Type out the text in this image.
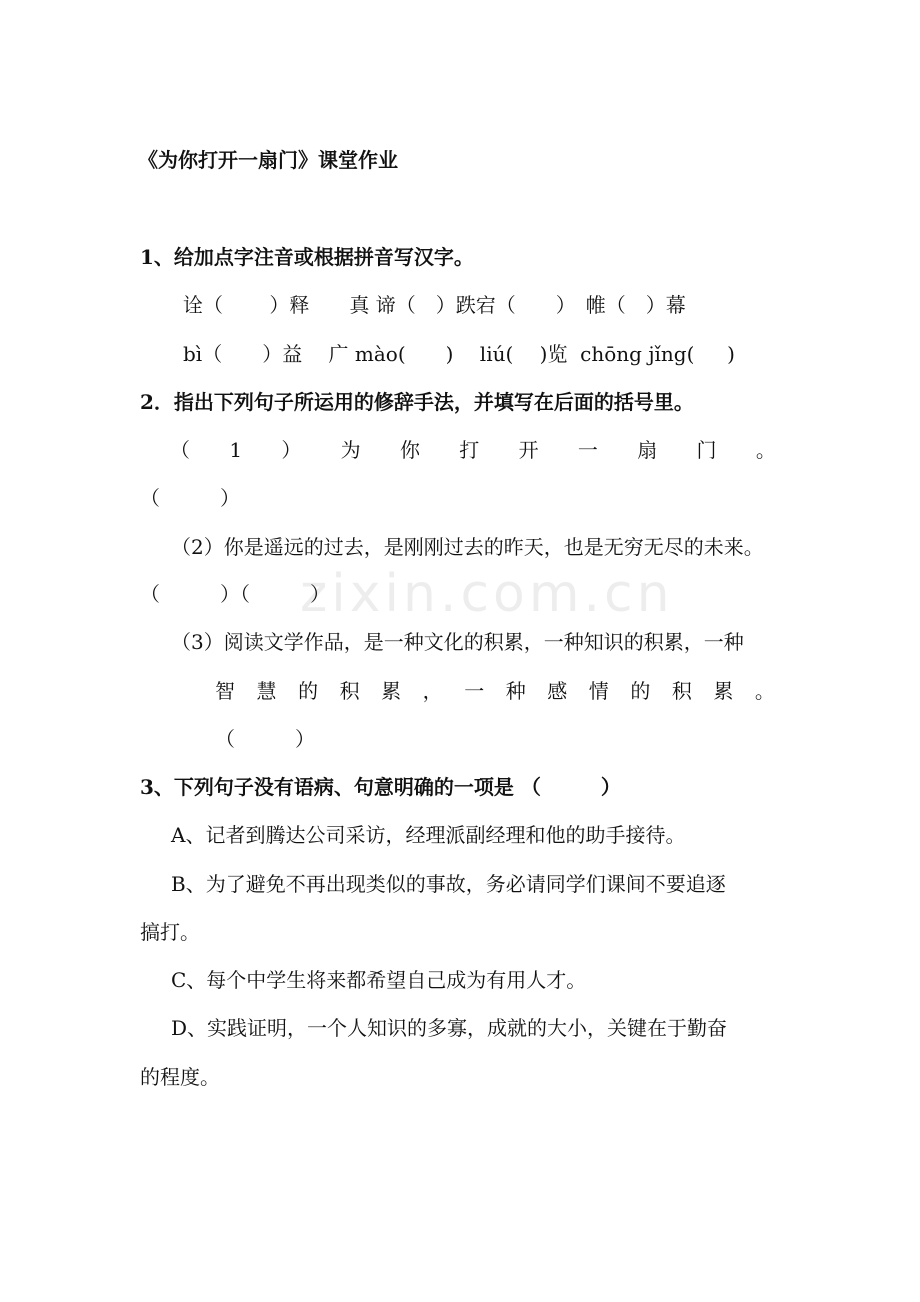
zixin.com.cn
《为你打开一扇门》课堂作业
1、给加点字注音或根据拼音写汉字。
诠（　　 ）释　　真 谛（　）跌宕（　　）　帷（　）幕
bì（　　）益　 广 mào(　　)　 liú(　 )览  chōng jǐng(　  )
2．指出下列句子所运用的修辞手法，并填写在后面的括号里。
（ 1 ） 为 你 打 开 一 扇 门 。
（　　　）
（2）你是遥远的过去，是刚刚过去的昨天，也是无穷无尽的未来。
（　　　）（　　　）
（3）阅读文学作品，是一种文化的积累，一种知识的积累，一种
智 慧 的 积 累 ， 一 种 感 情 的 积 累 。
（　　　）
3、下列句子没有语病、句意明确的一项是 （　　　）
A、记者到腾达公司采访，经理派副经理和他的助手接待。
B、为了避免不再出现类似的事故，务必请同学们课间不要追逐
搞打。
C、每个中学生将来都希望自己成为有用人才。
D、实践证明，一个人知识的多寡，成就的大小，关键在于勤奋
的程度。
